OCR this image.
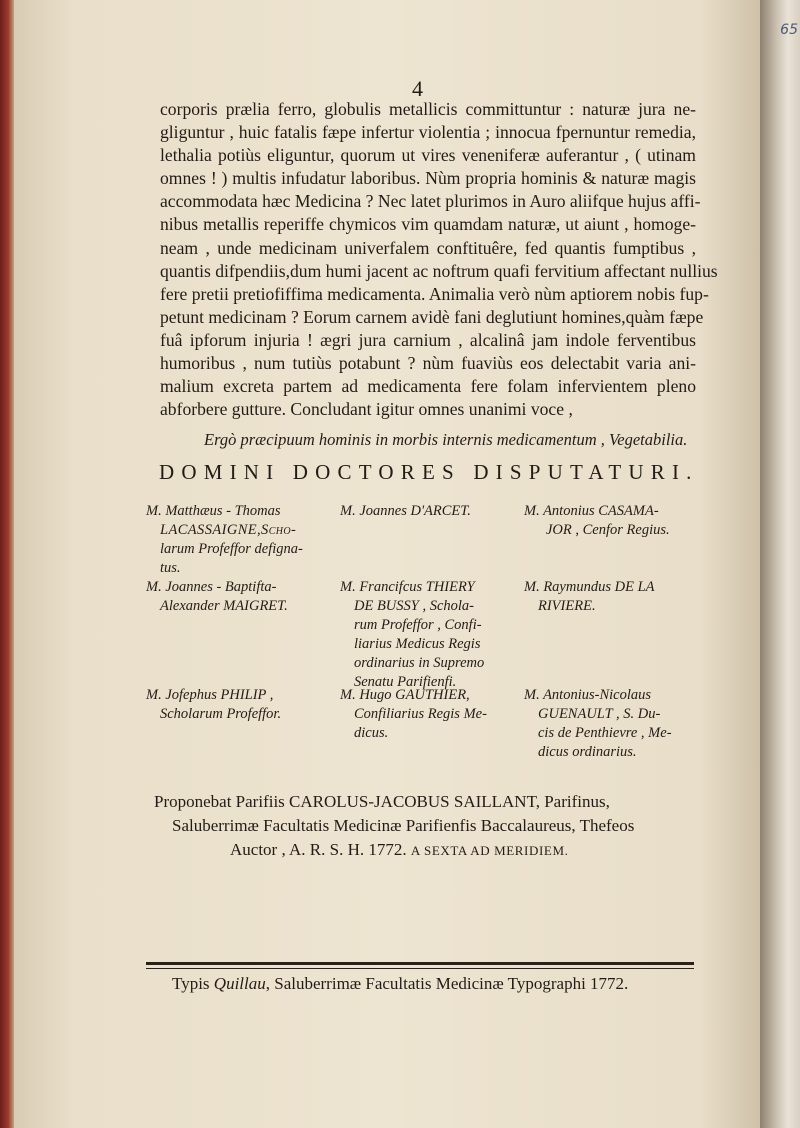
65
4
corporis prælia ferro, globulis metallicis committuntur : naturæ jura ne-
gliguntur , huic fatalis fæpe infertur violentia ; innocua fpernuntur remedia,
lethalia potiùs eliguntur, quorum ut vires veneniferæ auferantur , ( utinam
omnes ! ) multis infudatur laboribus. Nùm propria hominis & naturæ magis
accommodata hæc Medicina ? Nec latet plurimos in Auro aliifque hujus affi-
nibus metallis reperiffe chymicos vim quamdam naturæ, ut aiunt , homoge-
neam , unde medicinam univerfalem conftituêre, fed quantis fumptibus ,
quantis difpendiis,dum humi jacent ac noftrum quafi fervitium affectant nullius
fere pretii pretiofiffima medicamenta. Animalia verò nùm aptiorem nobis fup-
petunt medicinam ? Eorum carnem avidè fani deglutiunt homines,quàm fæpe
fuâ ipforum injuria ! ægri jura carnium , alcalinâ jam indole ferventibus
humoribus , num tutiùs potabunt ? nùm fuaviùs eos delectabit varia ani-
malium excreta partem ad medicamenta fere folam infervientem pleno
abforbere gutture. Concludant igitur omnes unanimi voce ,
Ergò præcipuum hominis in morbis internis medicamentum , Vegetabilia.
DOMINI DOCTORES DISPUTATURI.
M. Matthæus - Thomas
LACASSAIGNE,Scho-
larum Profeffor defigna-
tus.
M. Joannes D'ARCET.	M. Antonius CASAMA-
JOR , Cenfor Regius.
M. Joannes - Baptifta-
Alexander MAIGRET.
M. Francifcus THIERY
DE BUSSY , Schola-
rum Profeffor , Confi-
liarius Medicus Regis
ordinarius in Supremo
Senatu Parifienfi.
M. Raymundus DE LA
RIVIERE.
M. Jofephus PHILIP ,
Scholarum Profeffor.
M. Hugo GAUTHIER,
Confiliarius Regis Me-
dicus.
M. Antonius-Nicolaus
GUENAULT , S. Du-
cis de Penthievre , Me-
dicus ordinarius.
Proponebat Parifiis CAROLUS-JACOBUS SAILLANT, Parifinus,
Saluberrimæ Facultatis Medicinæ Parifienfis Baccalaureus, Thefeos
Auctor , A. R. S. H. 1772. A SEXTA AD MERIDIEM.
Typis Quillau, Saluberrimæ Facultatis Medicinæ Typographi 1772.
